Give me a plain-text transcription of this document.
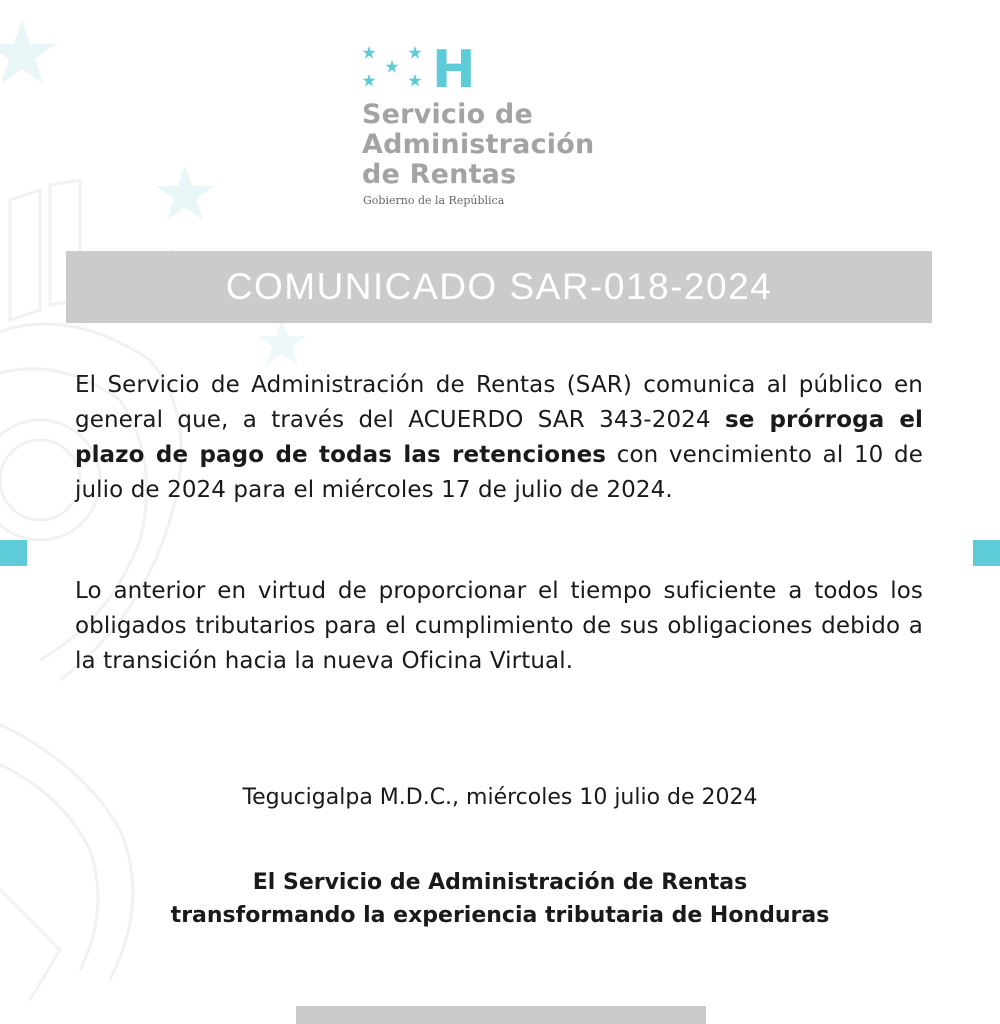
H

Servicio de
Administración
de Rentas

Gobierno de la República
COMUNICADO SAR-018-2024

El Servicio de Administración de Rentas (SAR) comunica al público en general que, a través del ACUERDO SAR 343-2024 se prórroga el plazo de pago de todas las retenciones con vencimiento al 10 de julio de 2024 para el miércoles 17 de julio de 2024.

Lo anterior en virtud de proporcionar el tiempo suficiente a todos los obligados tributarios para el cumplimiento de sus obligaciones debido a la transición hacia la nueva Oficina Virtual.

Tegucigalpa M.D.C., miércoles 10 julio de 2024

El Servicio de Administración de Rentas
transformando la experiencia tributaria de Honduras
